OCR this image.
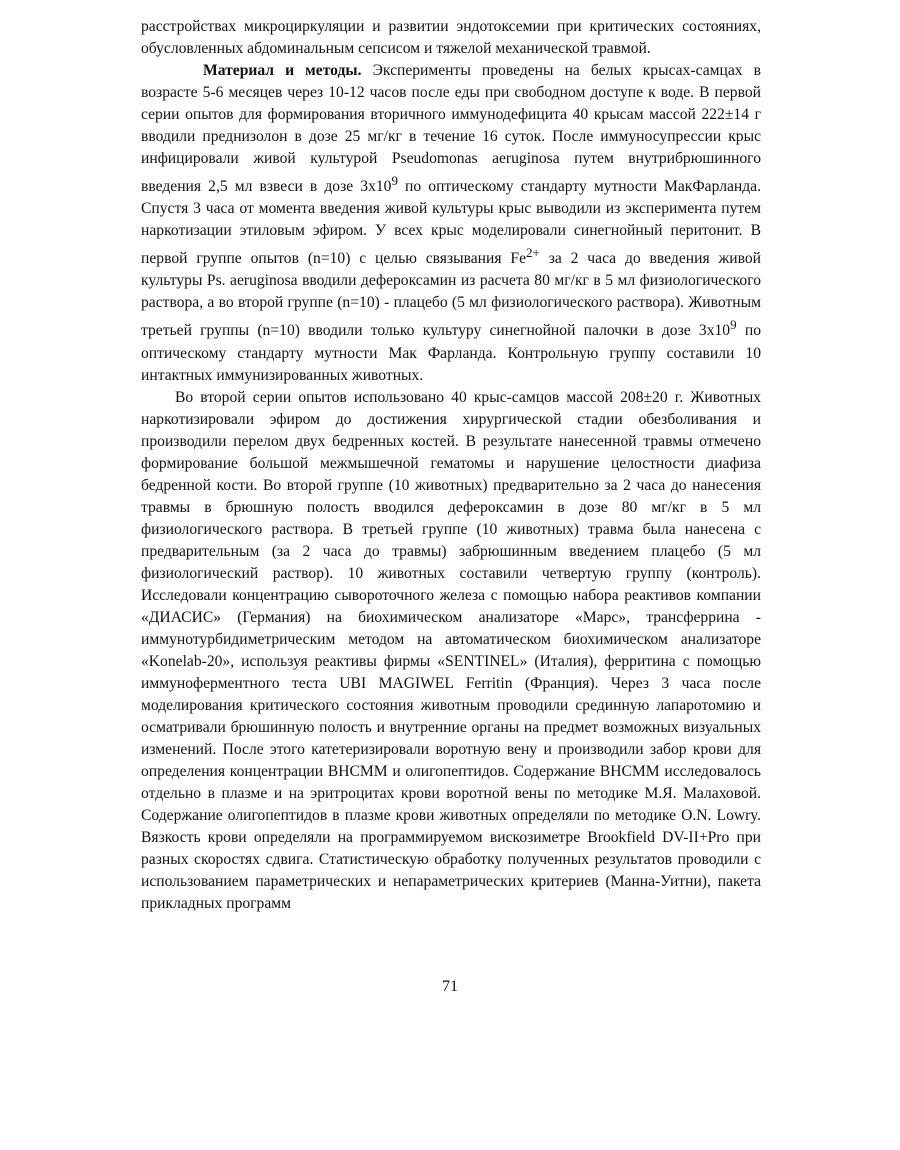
расстройствах микроциркуляции и развитии эндотоксемии при критических состояниях, обусловленных абдоминальным сепсисом и тяжелой механической травмой.

Материал и методы. Эксперименты проведены на белых крысах-самцах в возрасте 5-6 месяцев через 10-12 часов после еды при свободном доступе к воде. В первой серии опытов для формирования вторичного иммунодефицита 40 крысам массой 222±14 г вводили преднизолон в дозе 25 мг/кг в течение 16 суток. После иммуносупрессии крыс инфицировали живой культурой Pseudomonas aeruginosa путем внутрибрюшинного введения 2,5 мл взвеси в дозе $3x10^9$ по оптическому стандарту мутности МакФарланда. Спустя 3 часа от момента введения живой культуры крыс выводили из эксперимента путем наркотизации этиловым эфиром. У всех крыс моделировали синегнойный перитонит. В первой группе опытов (n=10) с целью связывания $Fe^{2+}$ за 2 часа до введения живой культуры Ps. aeruginosa вводили дефероксамин из расчета 80 мг/кг в 5 мл физиологического раствора, а во второй группе (n=10) - плацебо (5 мл физиологического раствора). Животным третьей группы (n=10) вводили только культуру синегнойной палочки в дозе $3x10^9$ по оптическому стандарту мутности Мак Фарланда. Контрольную группу составили 10 интактных иммунизированных животных.

Во второй серии опытов использовано 40 крыс-самцов массой 208±20 г. Животных наркотизировали эфиром до достижения хирургической стадии обезболивания и производили перелом двух бедренных костей. В результате нанесенной травмы отмечено формирование большой межмышечной гематомы и нарушение целостности диафиза бедренной кости. Во второй группе (10 животных) предварительно за 2 часа до нанесения травмы в брюшную полость вводился дефероксамин в дозе 80 мг/кг в 5 мл физиологического раствора. В третьей группе (10 животных) травма была нанесена с предварительным (за 2 часа до травмы) забрюшинным введением плацебо (5 мл физиологический раствор). 10 животных составили четвертую группу (контроль). Исследовали концентрацию сывороточного железа с помощью набора реактивов компании «ДИАСИС» (Германия) на биохимическом анализаторе «Марс», трансферрина - иммунотурбидиметрическим методом на автоматическом биохимическом анализаторе «Konelab-20», используя реактивы фирмы «SENTINEL» (Италия), ферритина с помощью иммуноферментного теста UBI MAGIWEL Ferritin (Франция). Через 3 часа после моделирования критического состояния животным проводили срединную лапаротомию и осматривали брюшинную полость и внутренние органы на предмет возможных визуальных изменений. После этого катетеризировали воротную вену и производили забор крови для определения концентрации ВНСММ и олигопептидов. Содержание ВНСММ исследовалось отдельно в плазме и на эритроцитах крови воротной вены по методике М.Я. Малаховой. Содержание олигопептидов в плазме крови животных определяли по методике O.N. Lowry. Вязкость крови определяли на программируемом вискозиметре Brookfield DV-II+Pro при разных скоростях сдвига. Статистическую обработку полученных результатов проводили с использованием параметрических и непараметрических критериев (Манна-Уитни), пакета прикладных программ

71
